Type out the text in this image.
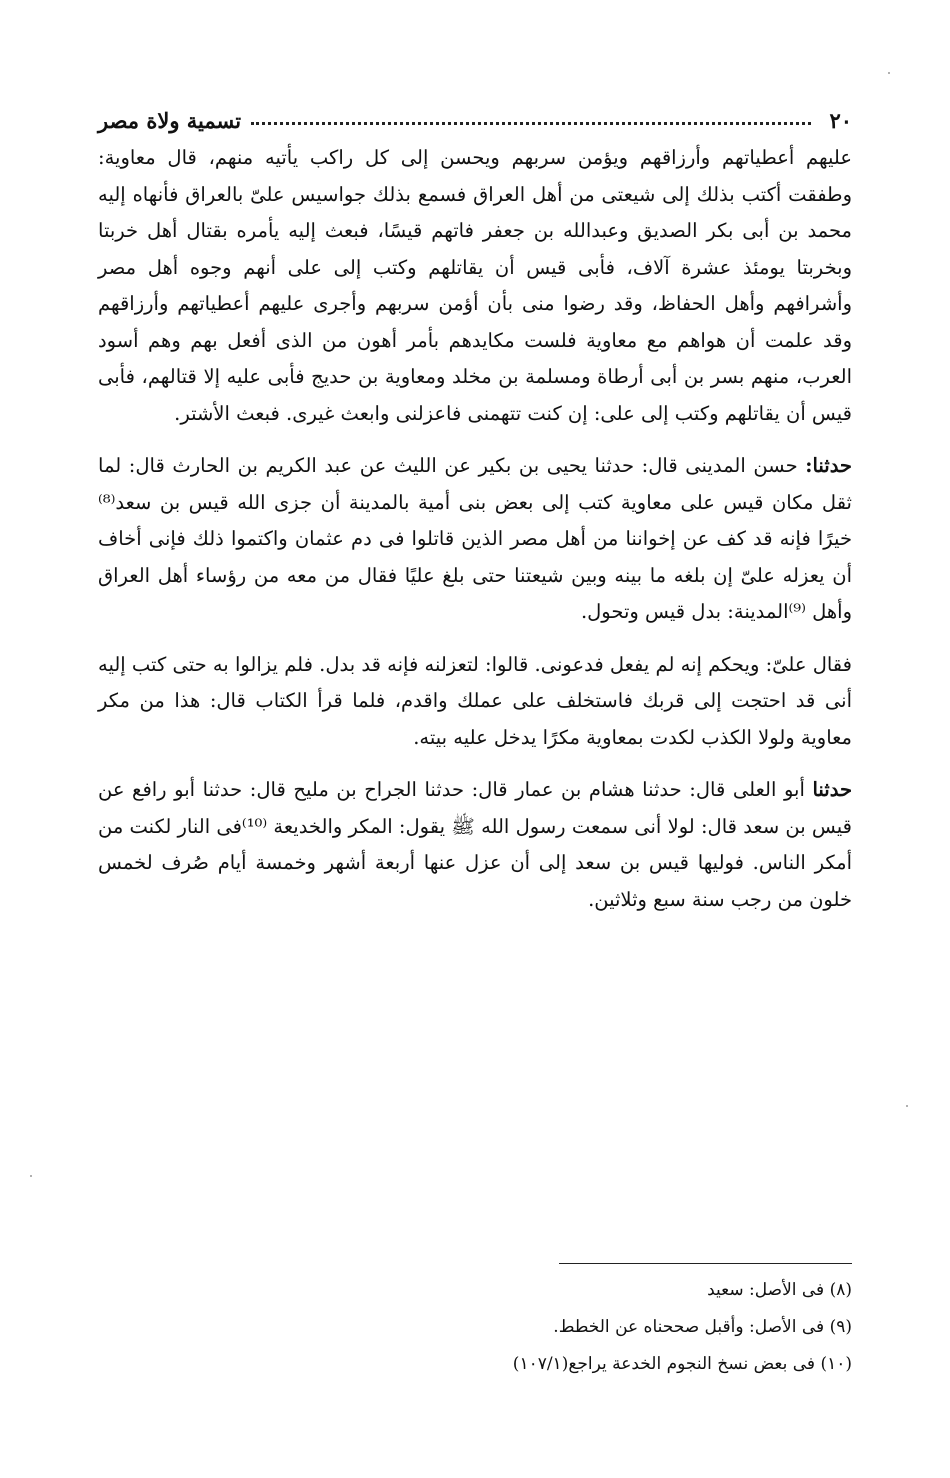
٢٠
تسمية ولاة مصر

عليهم أعطياتهم وأرزاقهم ويؤمن سربهم ويحسن إلى كل راكب يأتيه منهم، قال معاوية: وطفقت أكتب بذلك إلى شيعتى من أهل العراق فسمع بذلك جواسيس علىّ بالعراق فأنهاه إليه محمد بن أبى بكر الصديق وعبدالله بن جعفر فاتهم قيسًا، فبعث إليه يأمره بقتال أهل خربتا وبخربتا يومئذ عشرة آلاف، فأبى قيس أن يقاتلهم وكتب إلى على أنهم وجوه أهل مصر وأشرافهم وأهل الحفاظ، وقد رضوا منى بأن أؤمن سربهم وأجرى عليهم أعطياتهم وأرزاقهم وقد علمت أن هواهم مع معاوية فلست مكايدهم بأمر أهون من الذى أفعل بهم وهم أسود العرب، منهم بسر بن أبى أرطاة ومسلمة بن مخلد ومعاوية بن حديج فأبى عليه إلا قتالهم، فأبى قيس أن يقاتلهم وكتب إلى على: إن كنت تتهمنى فاعزلنى وابعث غيرى. فبعث الأشتر.

حدثنا: حسن المدينى قال: حدثنا يحيى بن بكير عن الليث عن عبد الكريم بن الحارث قال: لما ثقل مكان قيس على معاوية كتب إلى بعض بنى أمية بالمدينة أن جزى الله قيس بن سعد⁽⁸⁾ خيرًا فإنه قد كف عن إخواننا من أهل مصر الذين قاتلوا فى دم عثمان واكتموا ذلك فإنى أخاف أن يعزله علىّ إن بلغه ما بينه وبين شيعتنا حتى بلغ عليًا فقال من معه من رؤساء أهل العراق وأهل ⁽⁹⁾المدينة: بدل قيس وتحول.

فقال علىّ: ويحكم إنه لم يفعل فدعونى. قالوا: لتعزلنه فإنه قد بدل. فلم يزالوا به حتى كتب إليه أنى قد احتجت إلى قربك فاستخلف على عملك واقدم، فلما قرأ الكتاب قال: هذا من مكر معاوية ولولا الكذب لكدت بمعاوية مكرًا يدخل عليه بيته.

حدثنا أبو العلى قال: حدثنا هشام بن عمار قال: حدثنا الجراح بن مليح قال: حدثنا أبو رافع عن قيس بن سعد قال: لولا أنى سمعت رسول الله ﷺ يقول: المكر والخديعة ⁽¹⁰⁾فى النار لكنت من أمكر الناس. فوليها قيس بن سعد إلى أن عزل عنها أربعة أشهر وخمسة أيام صُرف لخمس خلون من رجب سنة سبع وثلاثين.

(٨) فى الأصل: سعيد

(٩) فى الأصل: وأقبل صححناه عن الخطط.

(١٠) فى بعض نسخ النجوم الخدعة يراجع(١٠٧/١)
